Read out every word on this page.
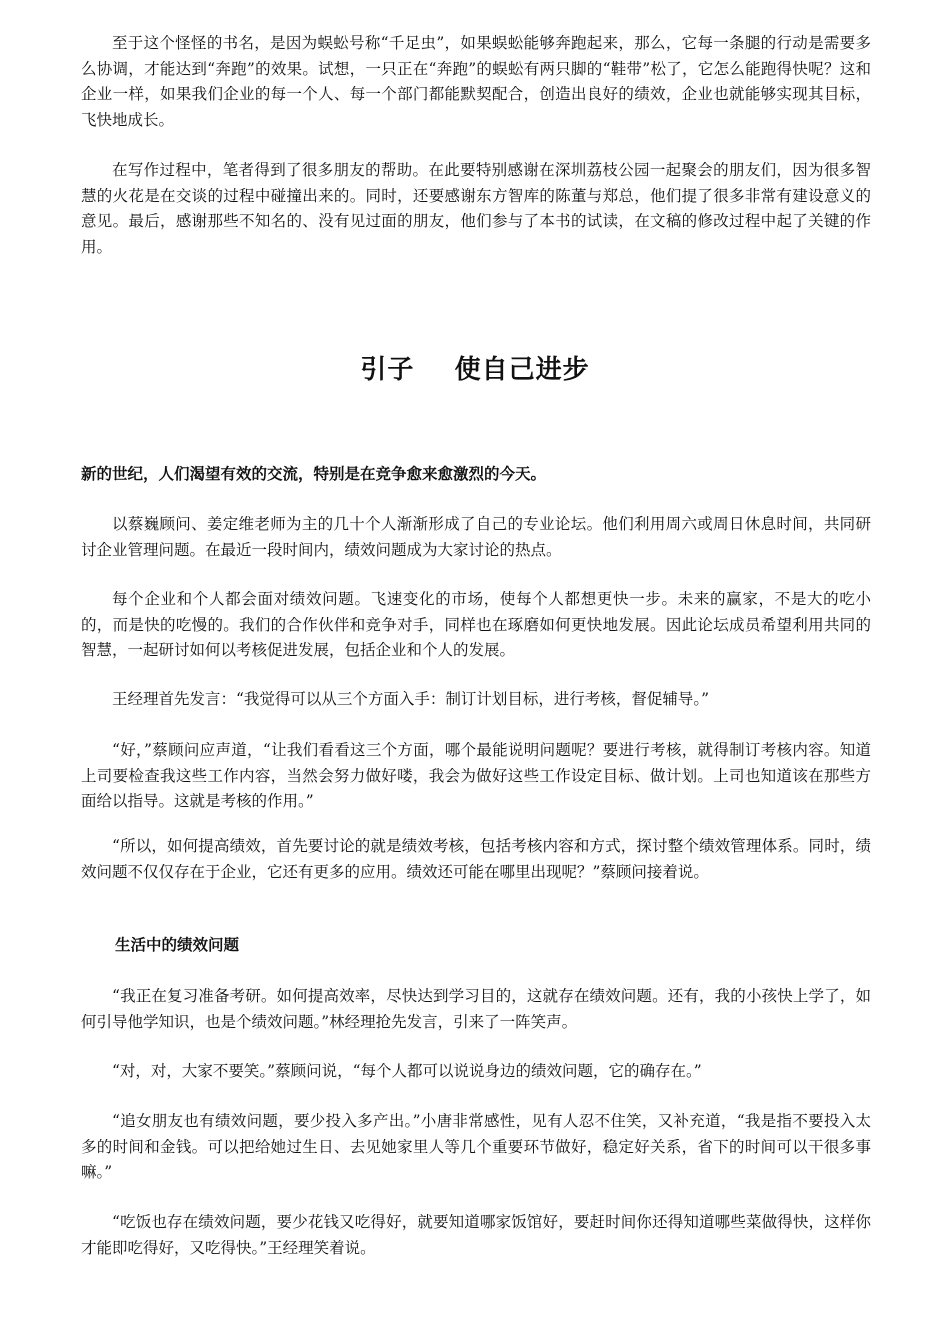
至于这个怪怪的书名，是因为蜈蚣号称“千足虫”，如果蜈蚣能够奔跑起来，那么，它每一条腿的行动是需要多么协调，才能达到“奔跑”的效果。试想，一只正在“奔跑”的蜈蚣有两只脚的“鞋带”松了，它怎么能跑得快呢？这和企业一样，如果我们企业的每一个人、每一个部门都能默契配合，创造出良好的绩效，企业也就能够实现其目标，飞快地成长。

在写作过程中，笔者得到了很多朋友的帮助。在此要特别感谢在深圳荔枝公园一起聚会的朋友们，因为很多智慧的火花是在交谈的过程中碰撞出来的。同时，还要感谢东方智库的陈董与郑总，他们提了很多非常有建设意义的意见。最后，感谢那些不知名的、没有见过面的朋友，他们参与了本书的试读，在文稿的修改过程中起了关键的作用。

引子    使自己进步

新的世纪，人们渴望有效的交流，特别是在竞争愈来愈激烈的今天。

以蔡巍顾问、姜定维老师为主的几十个人渐渐形成了自己的专业论坛。他们利用周六或周日休息时间，共同研讨企业管理问题。在最近一段时间内，绩效问题成为大家讨论的热点。

每个企业和个人都会面对绩效问题。飞速变化的市场，使每个人都想更快一步。未来的赢家，不是大的吃小的，而是快的吃慢的。我们的合作伙伴和竞争对手，同样也在琢磨如何更快地发展。因此论坛成员希望利用共同的智慧，一起研讨如何以考核促进发展，包括企业和个人的发展。

王经理首先发言：“我觉得可以从三个方面入手：制订计划目标，进行考核，督促辅导。”

“好，”蔡顾问应声道，“让我们看看这三个方面，哪个最能说明问题呢？要进行考核，就得制订考核内容。知道上司要检查我这些工作内容，当然会努力做好喽，我会为做好这些工作设定目标、做计划。上司也知道该在那些方面给以指导。这就是考核的作用。”

“所以，如何提高绩效，首先要讨论的就是绩效考核，包括考核内容和方式，探讨整个绩效管理体系。同时，绩效问题不仅仅存在于企业，它还有更多的应用。绩效还可能在哪里出现呢？”蔡顾问接着说。

生活中的绩效问题

“我正在复习准备考研。如何提高效率，尽快达到学习目的，这就存在绩效问题。还有，我的小孩快上学了，如何引导他学知识，也是个绩效问题。”林经理抢先发言，引来了一阵笑声。

“对，对，大家不要笑。”蔡顾问说，“每个人都可以说说身边的绩效问题，它的确存在。”

“追女朋友也有绩效问题，要少投入多产出。”小唐非常感性，见有人忍不住笑，又补充道，“我是指不要投入太多的时间和金钱。可以把给她过生日、去见她家里人等几个重要环节做好，稳定好关系，省下的时间可以干很多事嘛。”

“吃饭也存在绩效问题，要少花钱又吃得好，就要知道哪家饭馆好，要赶时间你还得知道哪些菜做得快，这样你才能即吃得好，又吃得快。”王经理笑着说。
